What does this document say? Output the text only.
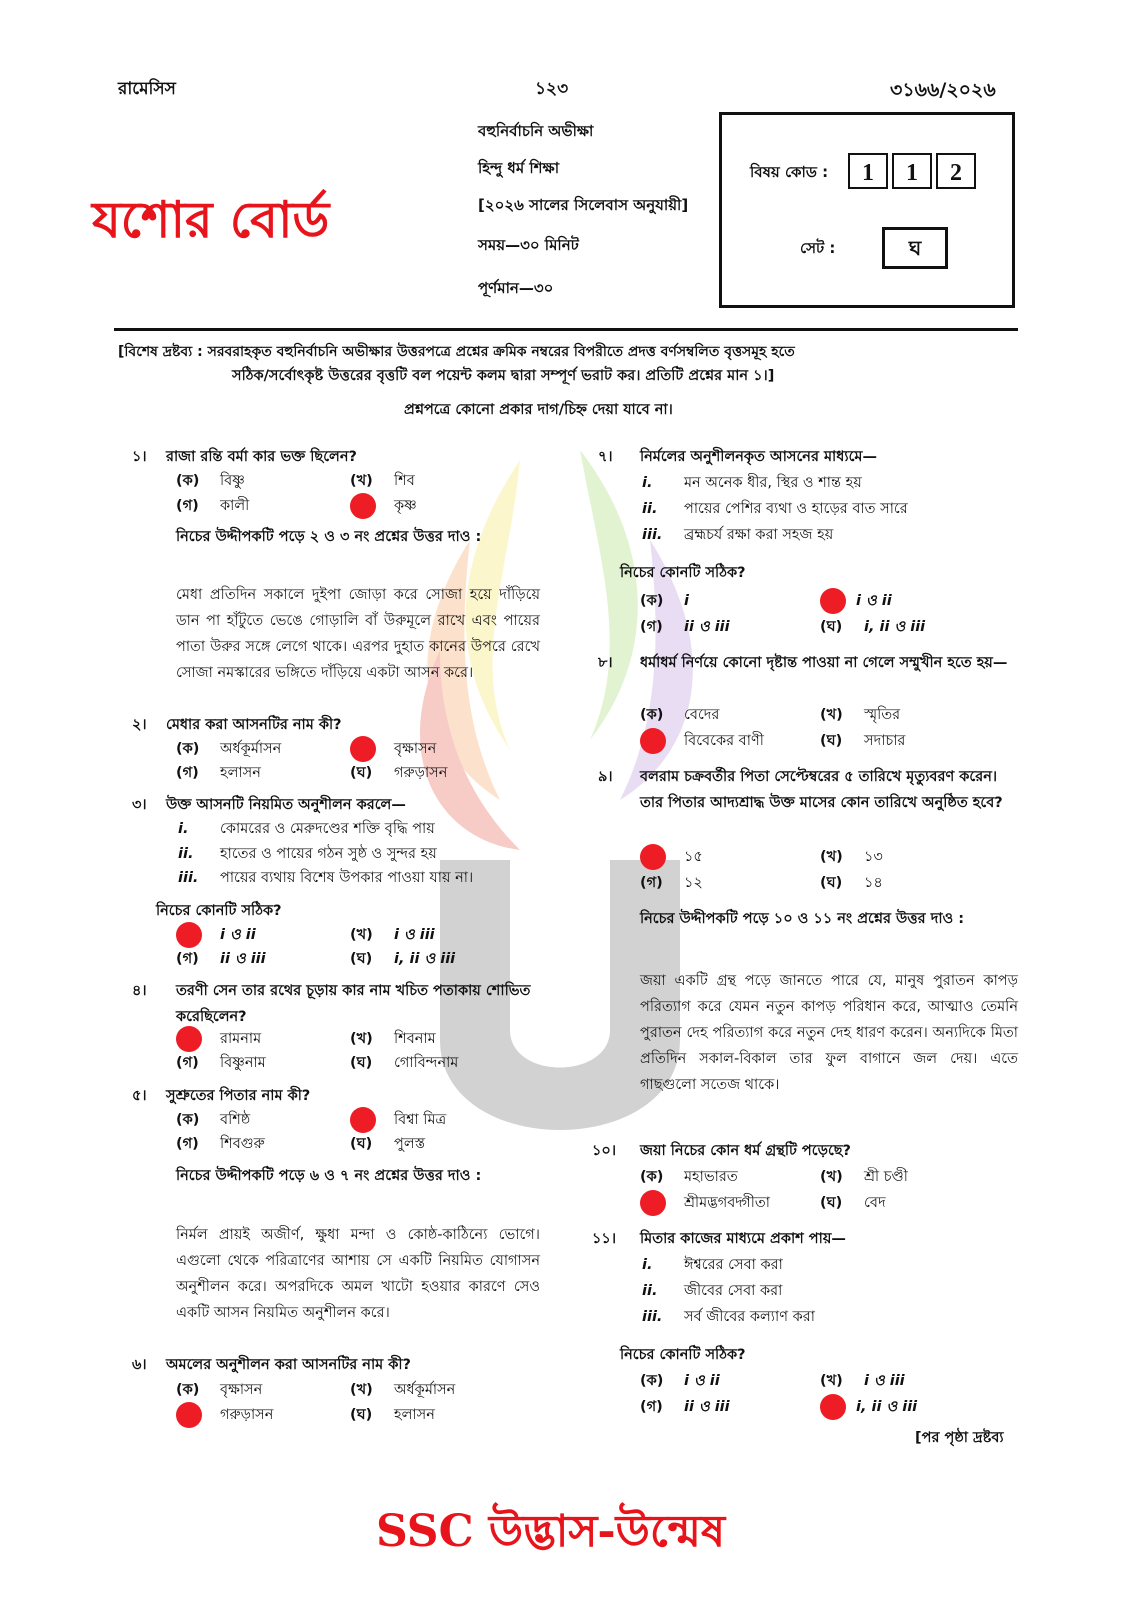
রামেসিস	১২৩	৩১৬৬/২০২৬
যশোর বোর্ড
বহুনির্বাচনি অভীক্ষা
হিন্দু ধর্ম শিক্ষা
[২০২৬ সালের সিলেবাস অনুযায়ী]
সময়—৩০ মিনিট
পূর্ণমান—৩০
বিষয় কোড :	1 1 2
সেট :	ঘ
[বিশেষ দ্রষ্টব্য : সরবরাহকৃত বহুনির্বাচনি অভীক্ষার উত্তরপত্রে প্রশ্নের ক্রমিক নম্বরের বিপরীতে প্রদত্ত বর্ণসম্বলিত বৃত্তসমূহ হতে
সঠিক/সর্বোৎকৃষ্ট উত্তরের বৃত্তটি বল পয়েন্ট কলম দ্বারা সম্পূর্ণ ভরাট কর। প্রতিটি প্রশ্নের মান ১।]
প্রশ্নপত্রে কোনো প্রকার দাগ/চিহ্ন দেয়া যাবে না।
১। রাজা রন্তি বর্মা কার ভক্ত ছিলেন?
(ক) বিষ্ণু	(খ) শিব
(গ) কালী	কৃষ্ণ
নিচের উদ্দীপকটি পড়ে ২ ও ৩ নং প্রশ্নের উত্তর দাও :
মেধা প্রতিদিন সকালে দুইপা জোড়া করে সোজা হয়ে দাঁড়িয়ে ডান পা হাঁটুতে ভেঙে গোড়ালি বাঁ উরুমূলে রাখে এবং পায়ের পাতা উরুর সঙ্গে লেগে থাকে। এরপর দুহাত কানের উপরে রেখে সোজা নমস্কারের ভঙ্গিতে দাঁড়িয়ে একটা আসন করে।
২। মেধার করা আসনটির নাম কী?
(ক) অর্ধকূর্মাসন	বৃক্ষাসন
(গ) হলাসন	(ঘ) গরুড়াসন
৩। উক্ত আসনটি নিয়মিত অনুশীলন করলে—
i. কোমরের ও মেরুদণ্ডের শক্তি বৃদ্ধি পায়
ii. হাতের ও পায়ের গঠন সুষ্ঠ ও সুন্দর হয়
iii. পায়ের ব্যথায় বিশেষ উপকার পাওয়া যায় না।
নিচের কোনটি সঠিক?
i ও ii	(খ) i ও iii
(গ) ii ও iii	(ঘ) i, ii ও iii
৪।	তরণী সেন তার রথের চূড়ায় কার নাম খচিত পতাকায় শোভিত করেছিলেন?
রামনাম	(খ) শিবনাম
(গ) বিষ্ণুনাম	(ঘ) গোবিন্দনাম
৫। সুশ্রুতের পিতার নাম কী?
(ক) বশিষ্ঠ	বিশ্বা মিত্র
(গ) শিবগুরু	(ঘ) পুলস্ত
নিচের উদ্দীপকটি পড়ে ৬ ও ৭ নং প্রশ্নের উত্তর দাও :
নির্মল প্রায়ই অজীর্ণ, ক্ষুধা মন্দা ও কোষ্ঠ-কাঠিন্যে ভোগে। এগুলো থেকে পরিত্রাণের আশায় সে একটি নিয়মিত যোগাসন অনুশীলন করে। অপরদিকে অমল খাটো হওয়ার কারণে সেও একটি আসন নিয়মিত অনুশীলন করে।
৬। অমলের অনুশীলন করা আসনটির নাম কী?
(ক) বৃক্ষাসন	(খ) অর্ধকূর্মাসন
গরুড়াসন	(ঘ) হলাসন
৭। নির্মলের অনুশীলনকৃত আসনের মাধ্যমে—
i. মন অনেক ধীর, স্থির ও শান্ত হয়
ii. পায়ের পেশির ব্যথা ও হাড়ের বাত সারে
iii. ব্রহ্মচর্য রক্ষা করা সহজ হয়
নিচের কোনটি সঠিক?
(ক) i	i ও ii
(গ) ii ও iii	(ঘ) i, ii ও iii
৮।	ধর্মাধর্ম নির্ণয়ে কোনো দৃষ্টান্ত পাওয়া না গেলে সম্মুখীন হতে হয়—
(ক) বেদের	(খ) স্মৃতির
বিবেকের বাণী	(ঘ) সদাচার
৯।	বলরাম চক্রবর্তীর পিতা সেপ্টেম্বরের ৫ তারিখে মৃত্যুবরণ করেন। তার পিতার আদ্যশ্রাদ্ধ উক্ত মাসের কোন তারিখে অনুষ্ঠিত হবে?
১৫	(খ) ১৩
(গ) ১২	(ঘ) ১৪
নিচের উদ্দীপকটি পড়ে ১০ ও ১১ নং প্রশ্নের উত্তর দাও :
জয়া একটি গ্রন্থ পড়ে জানতে পারে যে, মানুষ পুরাতন কাপড় পরিত্যাগ করে যেমন নতুন কাপড় পরিধান করে, আত্মাও তেমনি পুরাতন দেহ পরিত্যাগ করে নতুন দেহ ধারণ করেন। অন্যদিকে মিতা প্রতিদিন সকাল-বিকাল তার ফুল বাগানে জল দেয়। এতে গাছগুলো সতেজ থাকে।
১০। জয়া নিচের কোন ধর্ম গ্রন্থটি পড়েছে?
(ক) মহাভারত	(খ) শ্রী চণ্ডী
শ্রীমদ্ভগবদ্গীতা	(ঘ) বেদ
১১। মিতার কাজের মাধ্যমে প্রকাশ পায়—
i. ঈশ্বরের সেবা করা
ii. জীবের সেবা করা
iii. সর্ব জীবের কল্যাণ করা
নিচের কোনটি সঠিক?
(ক) i ও ii	(খ) i ও iii
(গ) ii ও iii	i, ii ও iii
[পর পৃষ্ঠা দ্রষ্টব্য
SSC উদ্ভাস-উন্মেষ
